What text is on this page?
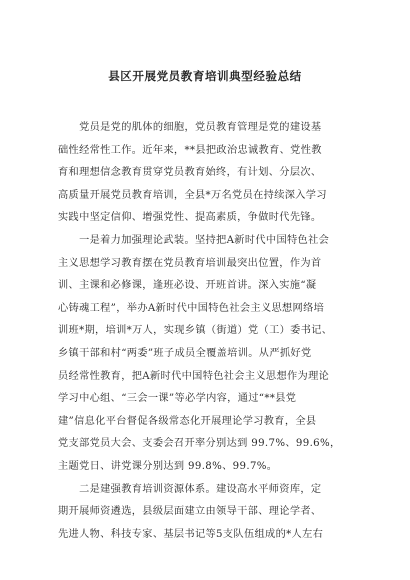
县区开展党员教育培训典型经验总结
　　党员是党的肌体的细胞，党员教育管理是党的建设基
础性经常性工作。近年来，**县把政治忠诚教育、党性教
育和理想信念教育贯穿党员教育始终，有计划、分层次、
高质量开展党员教育培训，全县*万名党员在持续深入学习
实践中坚定信仰、增强党性、提高素质，争做时代先锋。
　　一是着力加强理论武装。坚持把A新时代中国特色社会
主义思想学习教育摆在党员教育培训最突出位置，作为首
训、主课和必修课，逢班必设、开班首讲。深入实施“凝
心铸魂工程”，举办A新时代中国特色社会主义思想网络培
训班*期，培训*万人，实现乡镇（街道）党（工）委书记、
乡镇干部和村“两委”班子成员全覆盖培训。从严抓好党
员经常性教育，把A新时代中国特色社会主义思想作为理论
学习中心组、“三会一课”等必学内容，通过“**县党
建”信息化平台督促各级常态化开展理论学习教育，全县
党支部党员大会、支委会召开率分别达到 99.7%、99.6%，
主题党日、讲党课分别达到 99.8%、99.7%。
　　二是建强教育培训资源体系。建设高水平师资库，定
期开展师资遴选，县级层面建立由领导干部、理论学者、
先进人物、科技专家、基层书记等5支队伍组成的*人左右
